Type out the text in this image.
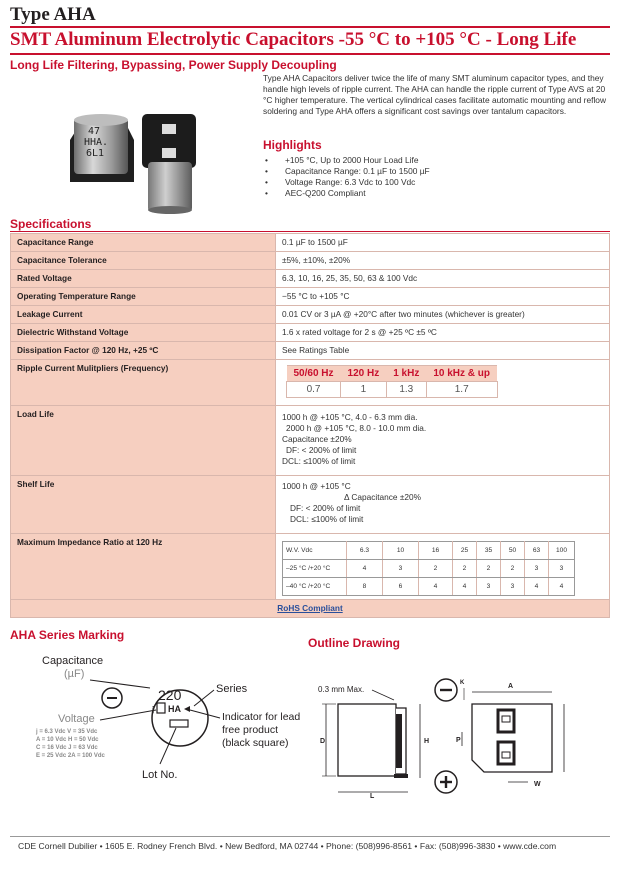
Type AHA
SMT Aluminum Electrolytic Capacitors -55 °C to +105 °C - Long Life
Long Life Filtering, Bypassing, Power Supply Decoupling
47
HHA.
6L1
Type AHA Capacitors deliver twice the life of many SMT aluminum capacitor types, and they handle high levels of ripple current. The AHA can handle the ripple current of Type AVS at 20 °C higher temperature. The vertical cylindrical cases facilitate automatic mounting and reflow soldering and Type AHA offers a significant cost savings over tantalum capacitors.
Highlights
• +105 °C, Up to 2000 Hour Load Life
• Capacitance Range: 0.1 µF to 1500 µF
• Voltage Range: 6.3 Vdc to 100 Vdc
• AEC-Q200 Compliant
Specifications
Capacitance Range	0.1 µF to 1500 µF
Capacitance Tolerance	±5%, ±10%, ±20%
Rated Voltage	6.3, 10, 16, 25, 35, 50, 63 & 100 Vdc
Operating Temperature Range	−55 °C to +105 °C
Leakage Current	0.01 CV or 3 µA @ +20°C after two minutes (whichever is greater)
Dielectric Withstand Voltage	1.6 x rated voltage for 2 s @ +25 ºC ±5 ºC
Dissipation Factor @ 120 Hz, +25 ºC	See Ratings Table
Ripple Current Mulitpliers (Frequency)		50/60 Hz	120 Hz	1 kHz	10 kHz & up
0.7	1	1.3	1.7

Load Life	1000 h @ +105 °C, 4.0 - 6.3 mm dia.
2000 h @ +105 °C, 8.0 - 10.0 mm dia.
Capacitance ±20%
DF: < 200% of limit
DCL: ≤100% of limit

Shelf Life	1000 h @ +105 °C
Δ Capacitance ±20%
DF: < 200% of limit
DCL: ≤100% of limit

Maximum Impedance Ratio at 120 Hz	
W.V. Vdc	6.3	10	16	25	35	50	63	100
–25 °C /+20 °C	4	3	2	2	2	2	3	3
–40 °C /+20 °C	8	6	4	4	3	3	4	4

RoHS Compliant
AHA Series Marking
Outline Drawing
Capacitance
(µF)
220
HA
j
Series
Indicator for lead
free product
(black square)
Voltage
j = 6.3 Vdc V = 35 Vdc
A = 10 Vdc H = 50 Vdc
C = 16 Vdc J = 63 Vdc
E = 25 Vdc 2A = 100 Vdc
Lot No.
0.3 mm Max.
D	H
L
K	A
P
W
CDE Cornell Dubilier • 1605 E. Rodney French Blvd. • New Bedford, MA 02744 • Phone: (508)996-8561 • Fax: (508)996-3830 • www.cde.com
